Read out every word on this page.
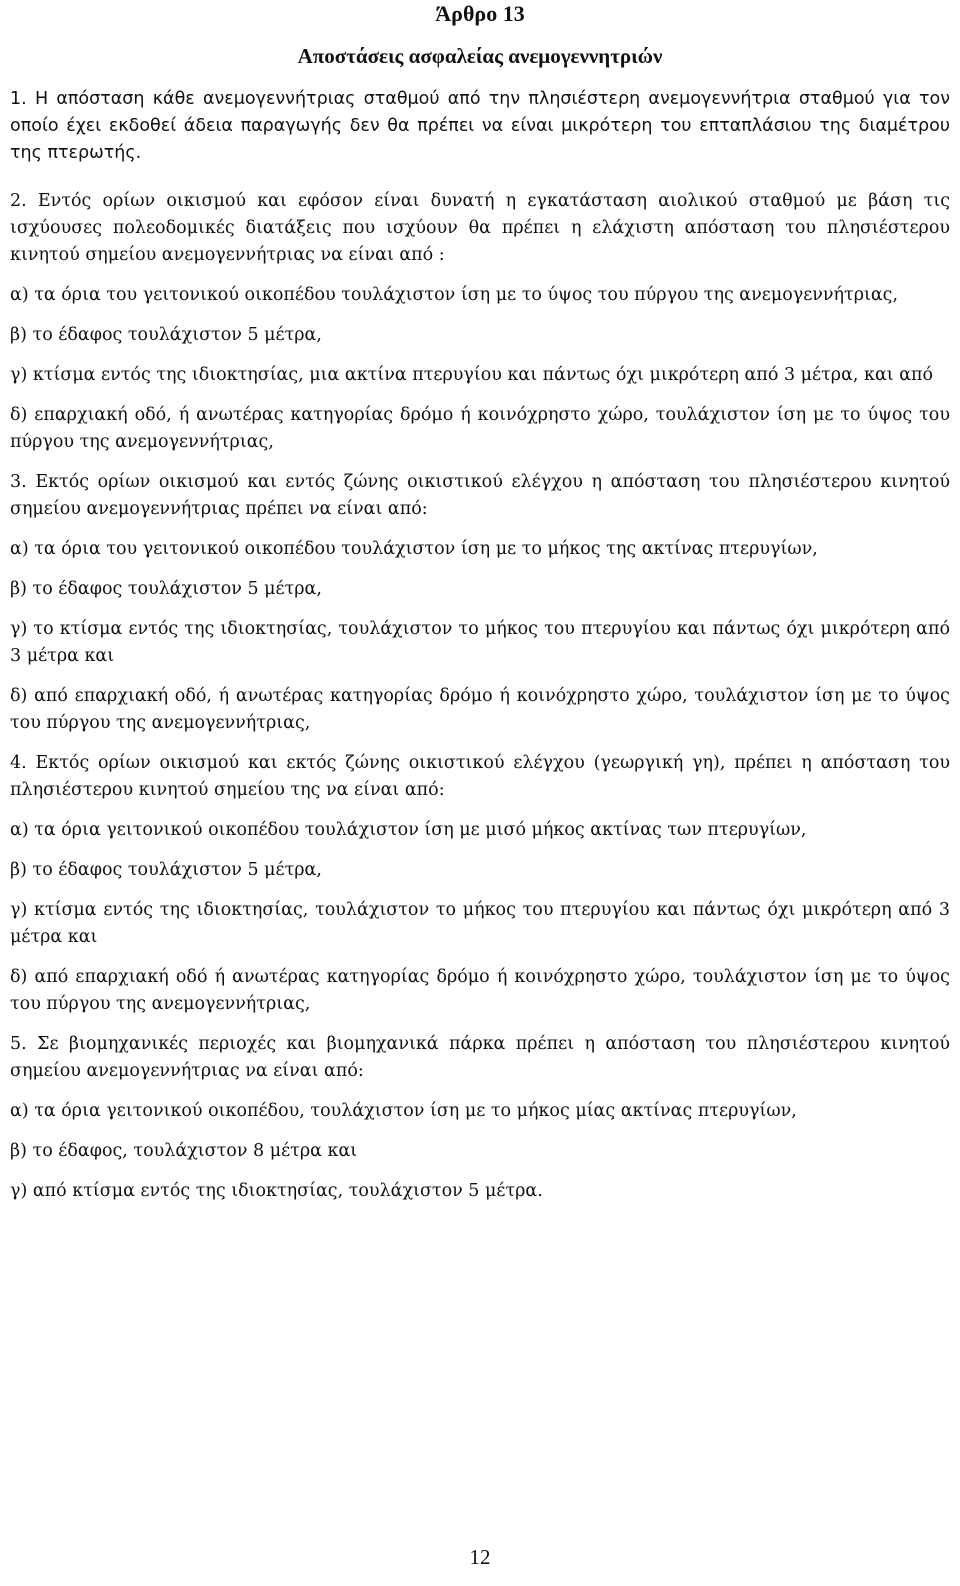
Άρθρο 13
Αποστάσεις ασφαλείας ανεμογεννητριών

1. Η απόσταση κάθε ανεμογεννήτριας σταθμού από την πλησιέστερη ανεμογεννήτρια σταθμού για τον οποίο έχει εκδοθεί άδεια παραγωγής δεν θα πρέπει να είναι μικρότερη του επταπλάσιου της διαμέτρου της πτερωτής.

2. Εντός ορίων οικισμού και εφόσον είναι δυνατή η εγκατάσταση αιολικού σταθμού με βάση τις ισχύουσες πολεοδομικές διατάξεις που ισχύουν θα πρέπει η ελάχιστη απόσταση του πλησιέστερου κινητού σημείου ανεμογεννήτριας να είναι από :

α) τα όρια του γειτονικού οικοπέδου τουλάχιστον ίση με το ύψος του πύργου της ανεμογεννήτριας,

β) το έδαφος τουλάχιστον 5 μέτρα,

γ) κτίσμα εντός της ιδιοκτησίας, μια ακτίνα πτερυγίου και πάντως όχι μικρότερη από 3 μέτρα, και από

δ) επαρχιακή οδό, ή ανωτέρας κατηγορίας δρόμο ή κοινόχρηστο χώρο, τουλάχιστον ίση με το ύψος του πύργου της ανεμογεννήτριας,

3. Εκτός ορίων οικισμού και εντός ζώνης οικιστικού ελέγχου η απόσταση του πλησιέστερου κινητού σημείου ανεμογεννήτριας πρέπει να είναι από:

α) τα όρια του γειτονικού οικοπέδου τουλάχιστον ίση με το μήκος της ακτίνας πτερυγίων,

β) το έδαφος τουλάχιστον 5 μέτρα,

γ) το κτίσμα εντός της ιδιοκτησίας, τουλάχιστον το μήκος του πτερυγίου και πάντως όχι μικρότερη από 3 μέτρα και

δ) από επαρχιακή οδό, ή ανωτέρας κατηγορίας δρόμο ή κοινόχρηστο χώρο, τουλάχιστον ίση με το ύψος του πύργου της ανεμογεννήτριας,

4. Εκτός ορίων οικισμού και εκτός ζώνης οικιστικού ελέγχου (γεωργική γη), πρέπει η απόσταση του πλησιέστερου κινητού σημείου της να είναι από:

α) τα όρια γειτονικού οικοπέδου τουλάχιστον ίση με μισό μήκος ακτίνας των πτερυγίων,

β) το έδαφος τουλάχιστον 5 μέτρα,

γ) κτίσμα εντός της ιδιοκτησίας, τουλάχιστον το μήκος του πτερυγίου και πάντως όχι μικρότερη από 3 μέτρα και

δ) από επαρχιακή οδό ή ανωτέρας κατηγορίας δρόμο ή κοινόχρηστο χώρο, τουλάχιστον ίση με το ύψος του πύργου της ανεμογεννήτριας,

5. Σε βιομηχανικές περιοχές και βιομηχανικά πάρκα πρέπει η απόσταση του πλησιέστερου κινητού σημείου ανεμογεννήτριας να είναι από:

α) τα όρια γειτονικού οικοπέδου, τουλάχιστον ίση με το μήκος μίας ακτίνας πτερυγίων,

β) το έδαφος, τουλάχιστον 8 μέτρα και

γ) από κτίσμα εντός της ιδιοκτησίας, τουλάχιστον 5 μέτρα.

12
